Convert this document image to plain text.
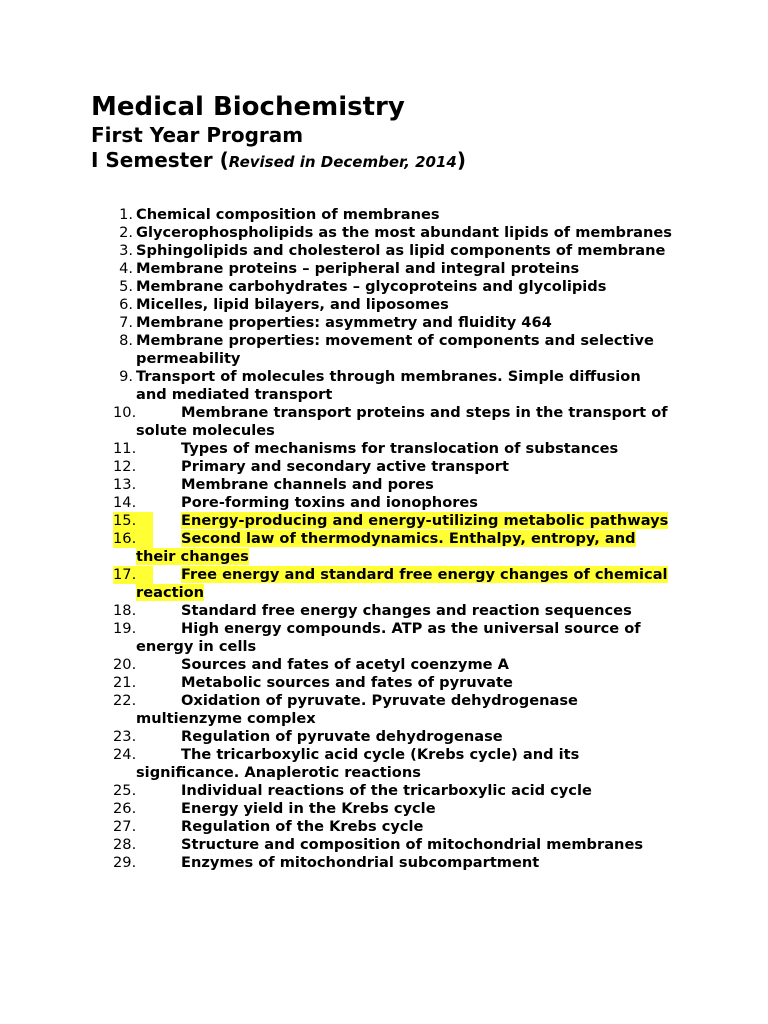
Medical Biochemistry
First Year Program
I Semester (Revised in December, 2014)
1. Chemical composition of membranes
2. Glycerophospholipids as the most abundant lipids of membranes
3. Sphingolipids and cholesterol as lipid components of membrane
4. Membrane proteins – peripheral and integral proteins
5. Membrane carbohydrates – glycoproteins and glycolipids
6. Micelles, lipid bilayers, and liposomes
7. Membrane properties: asymmetry and fluidity 464
8. Membrane properties: movement of components and selective permeability
9. Transport of molecules through membranes. Simple diffusion and mediated transport
10.	Membrane transport proteins and steps in the transport of solute molecules
11.	Types of mechanisms for translocation of substances
12.	Primary and secondary active transport
13.	Membrane channels and pores
14.	Pore-forming toxins and ionophores
15.	Energy-producing and energy-utilizing metabolic pathways
16.	Second law of thermodynamics. Enthalpy, entropy, and their changes
17.	Free energy and standard free energy changes of chemical reaction
18.	Standard free energy changes and reaction sequences
19.	High energy compounds. ATP as the universal source of energy in cells
20.	Sources and fates of acetyl coenzyme A
21.	Metabolic sources and fates of pyruvate
22.	Oxidation of pyruvate. Pyruvate dehydrogenase multienzyme complex
23.	Regulation of pyruvate dehydrogenase
24.	The tricarboxylic acid cycle (Krebs cycle) and its significance. Anaplerotic reactions
25.	Individual reactions of the tricarboxylic acid cycle
26.	Energy yield in the Krebs cycle
27.	Regulation of the Krebs cycle
28.	Structure and composition of mitochondrial membranes
29.	Enzymes of mitochondrial subcompartment
